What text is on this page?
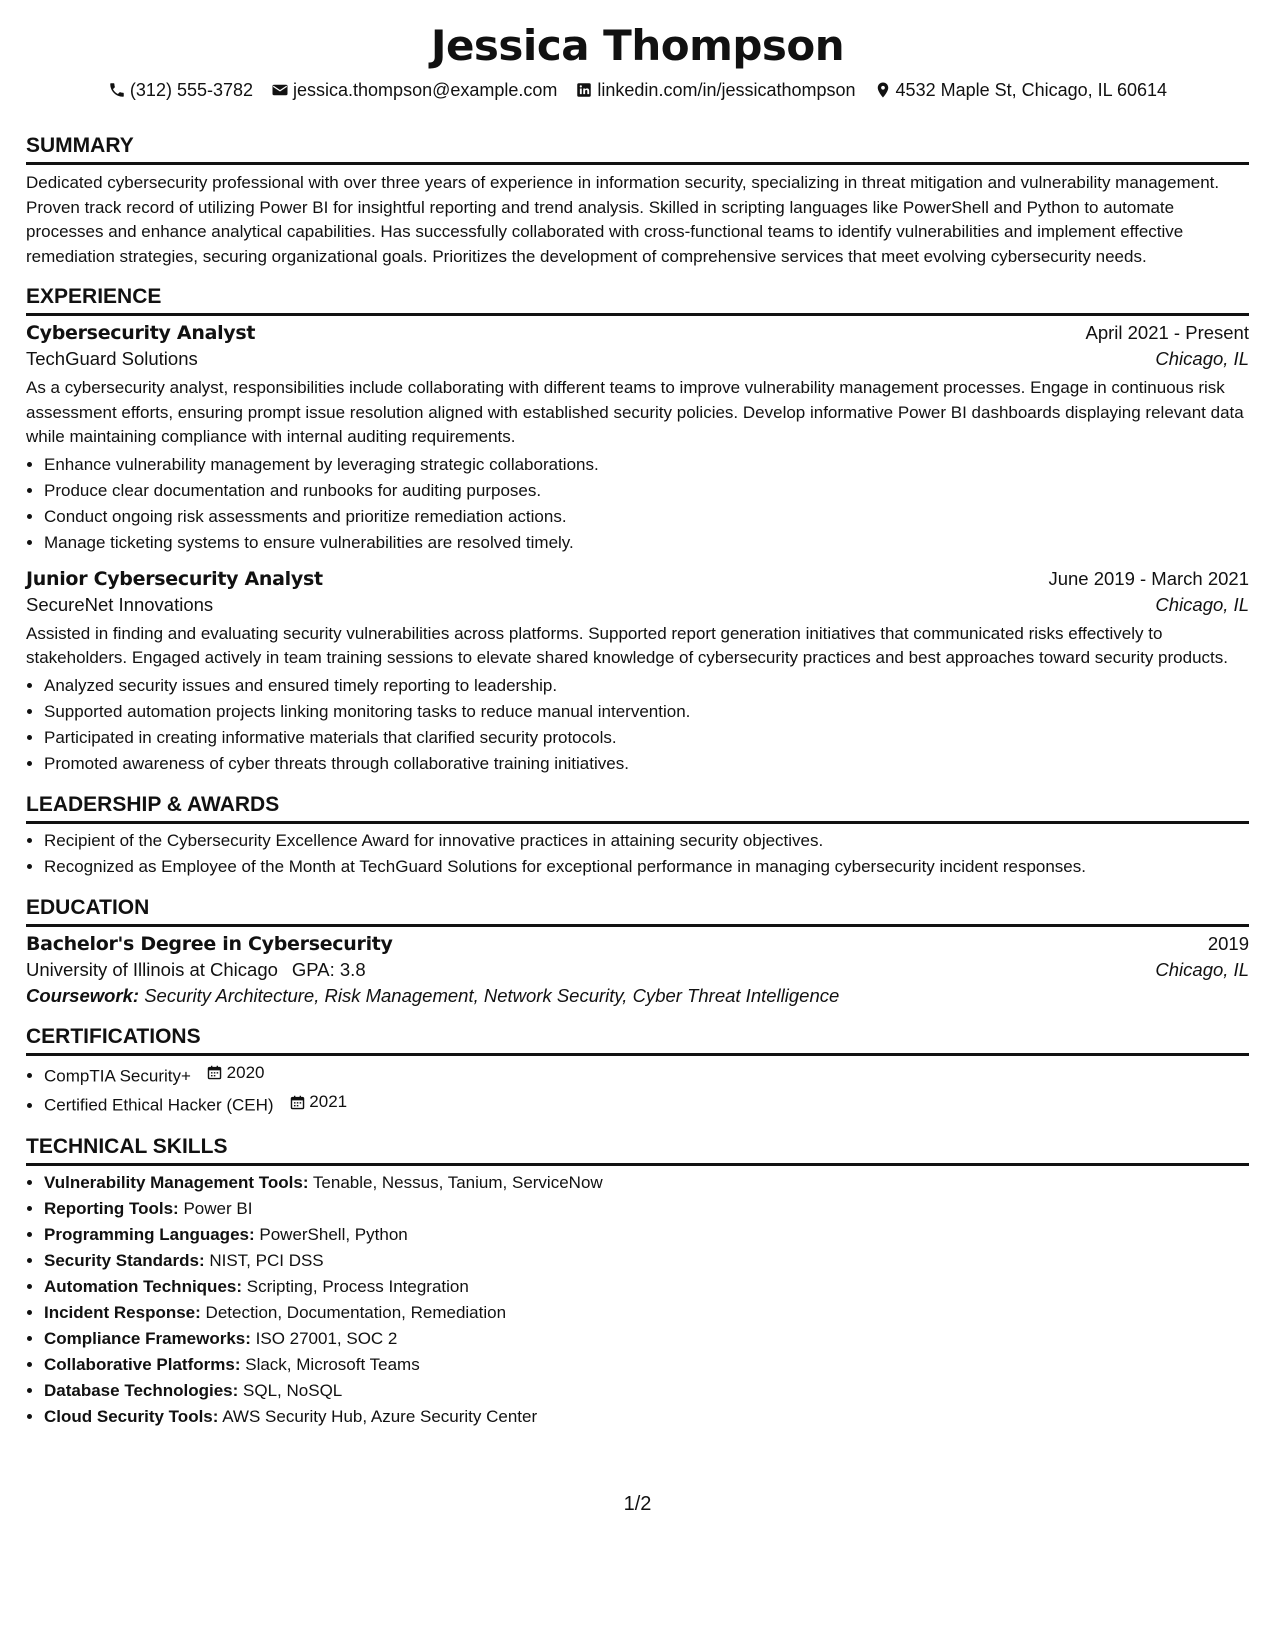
Jessica Thompson
(312) 555-3782 jessica.thompson@example.com linkedin.com/in/jessicathompson 4532 Maple St, Chicago, IL 60614
SUMMARY

Dedicated cybersecurity professional with over three years of experience in information security, specializing in threat mitigation and vulnerability management. Proven track record of utilizing Power BI for insightful reporting and trend analysis. Skilled in scripting languages like PowerShell and Python to automate processes and enhance analytical capabilities. Has successfully collaborated with cross-functional teams to identify vulnerabilities and implement effective remediation strategies, securing organizational goals. Prioritizes the development of comprehensive services that meet evolving cybersecurity needs.

EXPERIENCE
Cybersecurity Analyst	April 2021 - Present
TechGuard Solutions	Chicago, IL

As a cybersecurity analyst, responsibilities include collaborating with different teams to improve vulnerability management processes. Engage in continuous risk assessment efforts, ensuring prompt issue resolution aligned with established security policies. Develop informative Power BI dashboards displaying relevant data while maintaining compliance with internal auditing requirements.

• Enhance vulnerability management by leveraging strategic collaborations.
• Produce clear documentation and runbooks for auditing purposes.
• Conduct ongoing risk assessments and prioritize remediation actions.
• Manage ticketing systems to ensure vulnerabilities are resolved timely.
Junior Cybersecurity Analyst	June 2019 - March 2021
SecureNet Innovations	Chicago, IL

Assisted in finding and evaluating security vulnerabilities across platforms. Supported report generation initiatives that communicated risks effectively to stakeholders. Engaged actively in team training sessions to elevate shared knowledge of cybersecurity practices and best approaches toward security products.

• Analyzed security issues and ensured timely reporting to leadership.
• Supported automation projects linking monitoring tasks to reduce manual intervention.
• Participated in creating informative materials that clarified security protocols.
• Promoted awareness of cyber threats through collaborative training initiatives.
LEADERSHIP & AWARDS
• Recipient of the Cybersecurity Excellence Award for innovative practices in attaining security objectives.
• Recognized as Employee of the Month at TechGuard Solutions for exceptional performance in managing cybersecurity incident responses.
EDUCATION
Bachelor's Degree in Cybersecurity	2019
University of Illinois at Chicago GPA: 3.8	Chicago, IL
Coursework: Security Architecture, Risk Management, Network Security, Cyber Threat Intelligence
CERTIFICATIONS
• CompTIA Security+ 2020
• Certified Ethical Hacker (CEH) 2021
TECHNICAL SKILLS
• Vulnerability Management Tools: Tenable, Nessus, Tanium, ServiceNow
• Reporting Tools: Power BI
• Programming Languages: PowerShell, Python
• Security Standards: NIST, PCI DSS
• Automation Techniques: Scripting, Process Integration
• Incident Response: Detection, Documentation, Remediation
• Compliance Frameworks: ISO 27001, SOC 2
• Collaborative Platforms: Slack, Microsoft Teams
• Database Technologies: SQL, NoSQL
• Cloud Security Tools: AWS Security Hub, Azure Security Center
1/2
